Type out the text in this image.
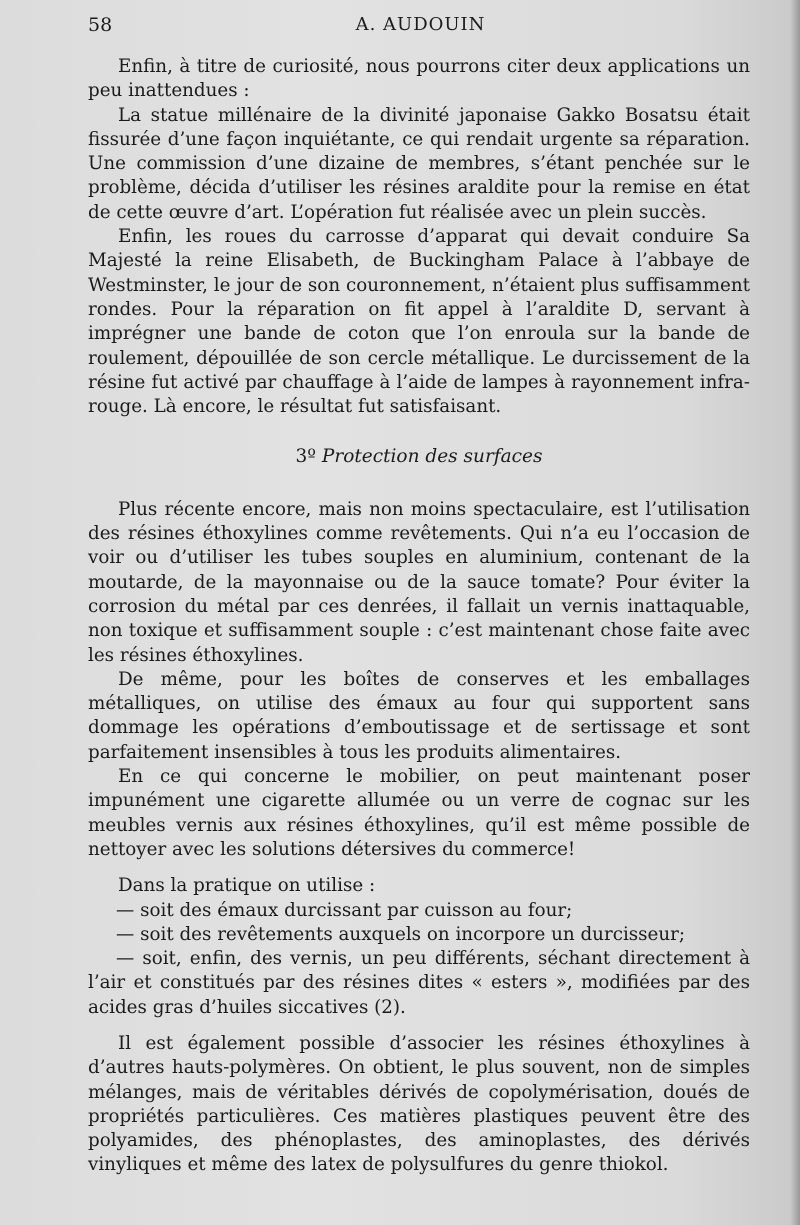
58	A. AUDOUIN

Enfin, à titre de curiosité, nous pourrons citer deux applications un peu inattendues :

La statue millénaire de la divinité japonaise Gakko Bosatsu était fissurée d’une façon inquiétante, ce qui rendait urgente sa réparation. Une commission d’une dizaine de membres, s’étant penchée sur le problème, décida d’utiliser les résines araldite pour la remise en état de cette œuvre d’art. L’opération fut réalisée avec un plein succès.

Enfin, les roues du carrosse d’apparat qui devait conduire Sa Majesté la reine Elisabeth, de Buckingham Palace à l’abbaye de Westminster, le jour de son couronnement, n’étaient plus suffisamment rondes. Pour la réparation on fit appel à l’araldite D, servant à imprégner une bande de coton que l’on enroula sur la bande de roulement, dépouillée de son cercle métallique. Le durcissement de la résine fut activé par chauffage à l’aide de lampes à rayonnement infra-rouge. Là encore, le résultat fut satisfaisant.

3º Protection des surfaces

Plus récente encore, mais non moins spectaculaire, est l’utilisation des résines éthoxylines comme revêtements. Qui n’a eu l’occasion de voir ou d’utiliser les tubes souples en aluminium, contenant de la moutarde, de la mayonnaise ou de la sauce tomate? Pour éviter la corrosion du métal par ces denrées, il fallait un vernis inattaquable, non toxique et suffisamment souple : c’est maintenant chose faite avec les résines éthoxylines.

De même, pour les boîtes de conserves et les emballages métalliques, on utilise des émaux au four qui supportent sans dommage les opérations d’emboutissage et de sertissage et sont parfaitement insensibles à tous les produits alimentaires.

En ce qui concerne le mobilier, on peut maintenant poser impunément une cigarette allumée ou un verre de cognac sur les meubles vernis aux résines éthoxylines, qu’il est même possible de nettoyer avec les solutions détersives du commerce!

Dans la pratique on utilise :

— soit des émaux durcissant par cuisson au four;

— soit des revêtements auxquels on incorpore un durcisseur;

— soit, enfin, des vernis, un peu différents, séchant directement à l’air et constitués par des résines dites « esters », modifiées par des acides gras d’huiles siccatives (2).

Il est également possible d’associer les résines éthoxylines à d’autres hauts-polymères. On obtient, le plus souvent, non de simples mélanges, mais de véritables dérivés de copolymérisation, doués de propriétés particulières. Ces matières plastiques peuvent être des polyamides, des phénoplastes, des aminoplastes, des dérivés vinyliques et même des latex de polysulfures du genre thiokol.
